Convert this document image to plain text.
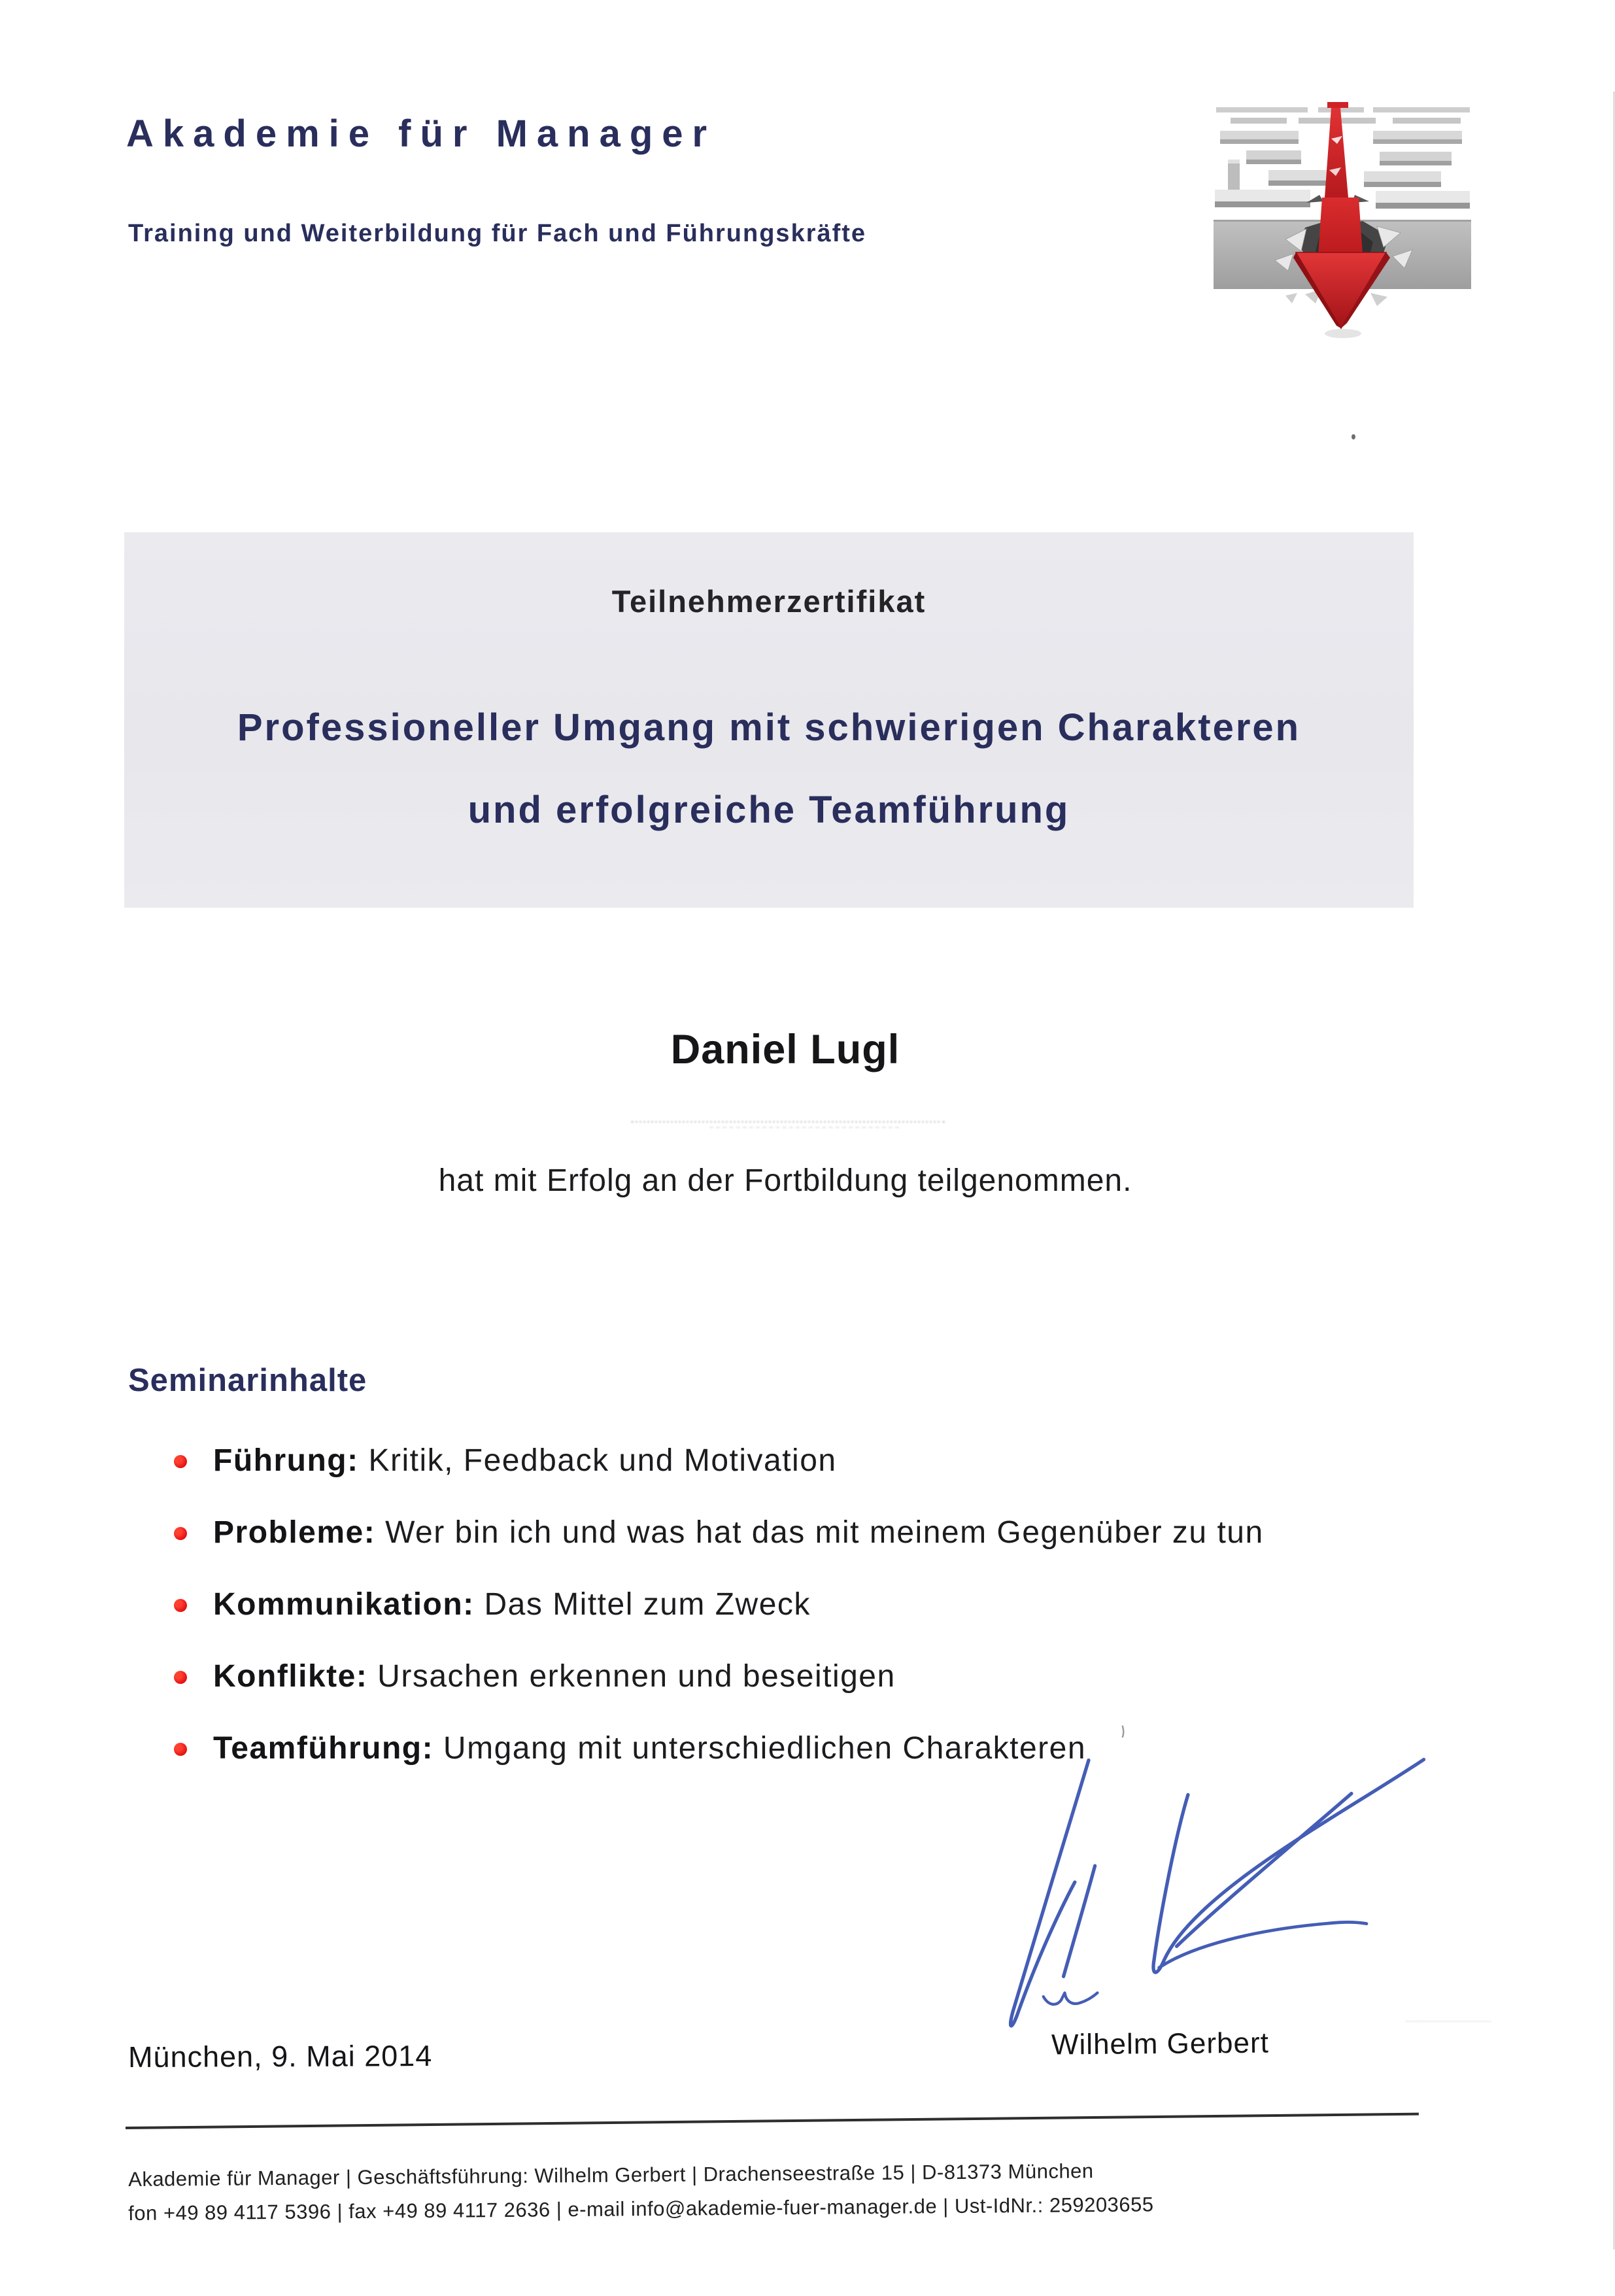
Akademie für Manager
Training und Weiterbildung für Fach und Führungskräfte
Teilnehmerzertifikat
Professioneller Umgang mit schwierigen Charakteren
und erfolgreiche Teamführung
Daniel Lugl
hat mit Erfolg an der Fortbildung teilgenommen.
Seminarinhalte
Führung: Kritik, Feedback und Motivation
Probleme: Wer bin ich und was hat das mit meinem Gegenüber zu tun
Kommunikation: Das Mittel zum Zweck
Konflikte: Ursachen erkennen und beseitigen
Teamführung: Umgang mit unterschiedlichen Charakteren
München, 9. Mai 2014	Wilhelm Gerbert
Akademie für Manager | Geschäftsführung: Wilhelm Gerbert | Drachenseestraße 15 | D-81373 München
fon +49 89 4117 5396 | fax +49 89 4117 2636 | e-mail info@akademie-fuer-manager.de | Ust-IdNr.: 259203655
